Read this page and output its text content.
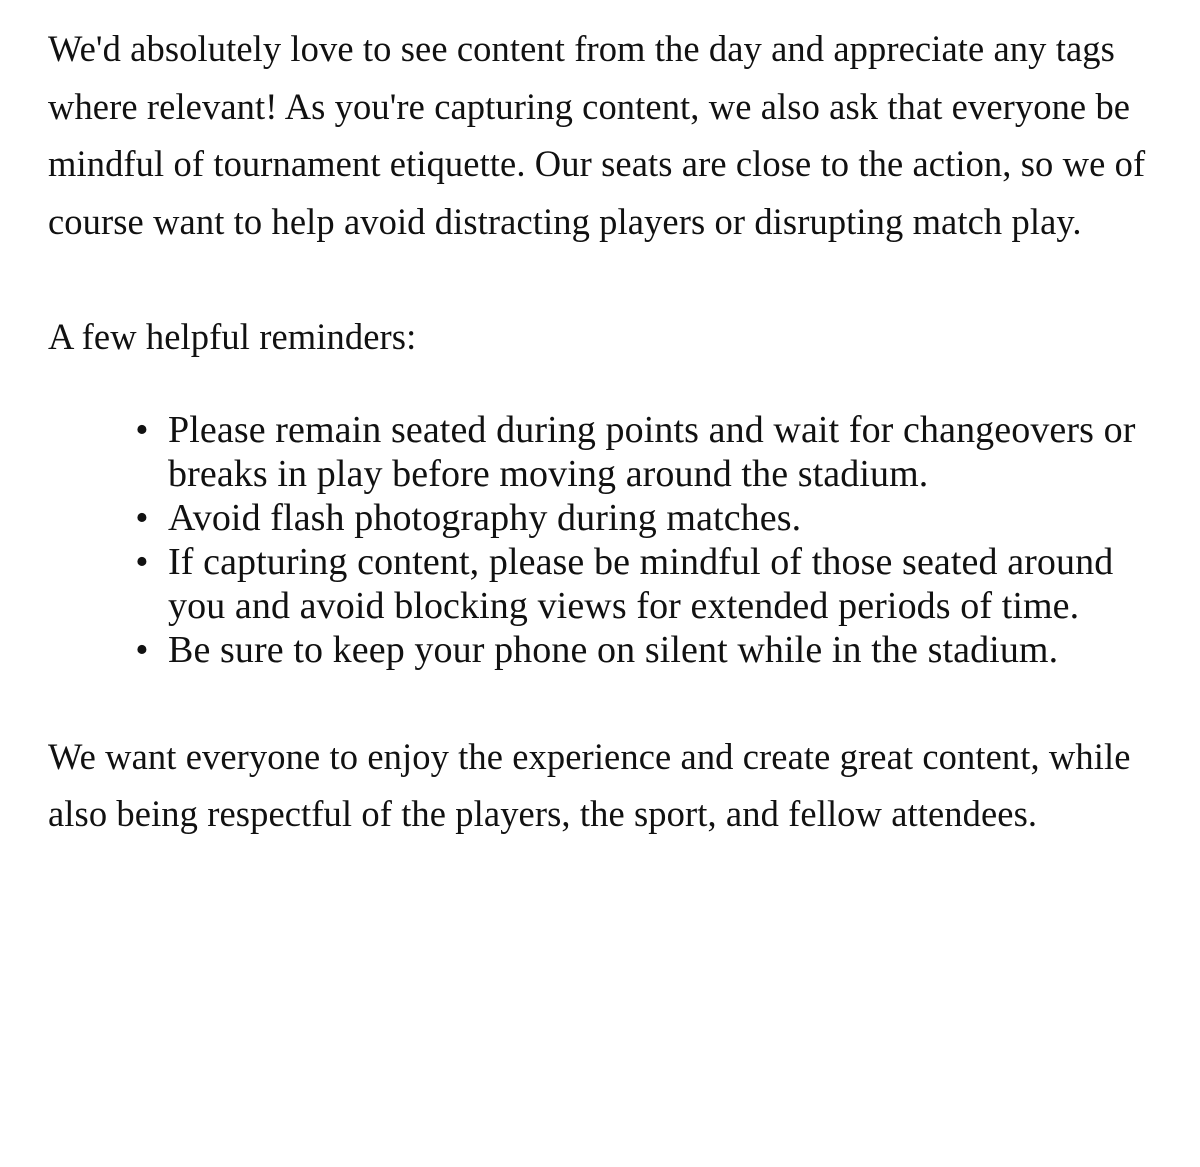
We'd absolutely love to see content from the day and appreciate any tags where relevant! As you're capturing content, we also ask that everyone be mindful of tournament etiquette. Our seats are close to the action, so we of course want to help avoid distracting players or disrupting match play.

A few helpful reminders:

•
Please remain seated during points and wait for changeovers or breaks in play before moving around the stadium.
•
Avoid flash photography during matches.
•
If capturing content, please be mindful of those seated around you and avoid blocking views for extended periods of time.
•
Be sure to keep your phone on silent while in the stadium.

We want everyone to enjoy the experience and create great content, while also being respectful of the players, the sport, and fellow attendees.
